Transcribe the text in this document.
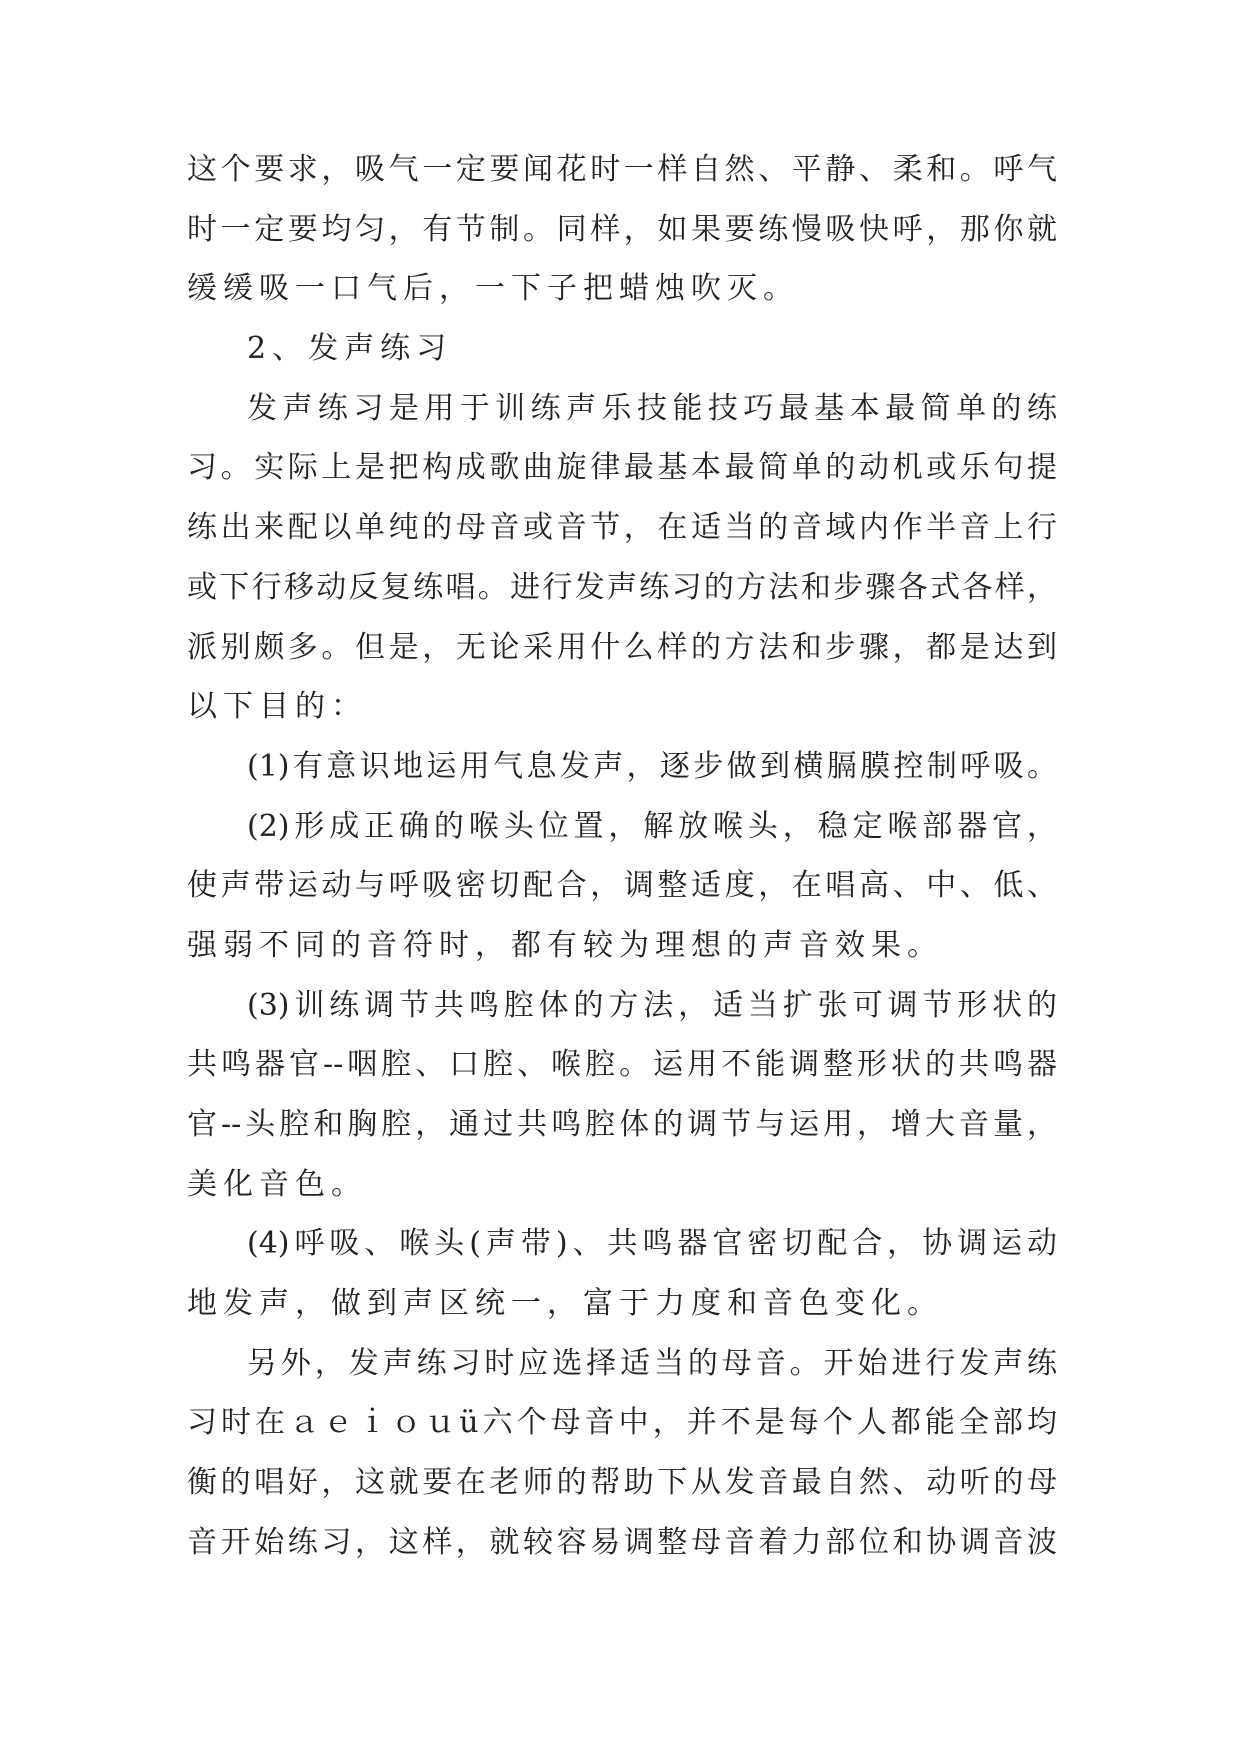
这个要求，吸气一定要闻花时一样自然、平静、柔和。呼气
时一定要均匀，有节制。同样，如果要练慢吸快呼，那你就
缓缓吸一口气后，一下子把蜡烛吹灭。
2、发声练习
发声练习是用于训练声乐技能技巧最基本最简单的练
习。实际上是把构成歌曲旋律最基本最简单的动机或乐句提
练出来配以单纯的母音或音节，在适当的音域内作半音上行
或下行移动反复练唱。进行发声练习的方法和步骤各式各样，
派别颇多。但是，无论采用什么样的方法和步骤，都是达到
以下目的：
(1)有意识地运用气息发声，逐步做到横膈膜控制呼吸。
(2)形成正确的喉头位置，解放喉头，稳定喉部器官，
使声带运动与呼吸密切配合，调整适度，在唱高、中、低、
强弱不同的音符时，都有较为理想的声音效果。
(3)训练调节共鸣腔体的方法，适当扩张可调节形状的
共鸣器官--咽腔、口腔、喉腔。运用不能调整形状的共鸣器
官--头腔和胸腔，通过共鸣腔体的调节与运用，增大音量，
美化音色。
(4)呼吸、喉头(声带)、共鸣器官密切配合，协调运动
地发声，做到声区统一，富于力度和音色变化。
另外，发声练习时应选择适当的母音。开始进行发声练
习时在ａｅｉｏｕü六个母音中，并不是每个人都能全部均
衡的唱好，这就要在老师的帮助下从发音最自然、动听的母
音开始练习，这样，就较容易调整母音着力部位和协调音波
